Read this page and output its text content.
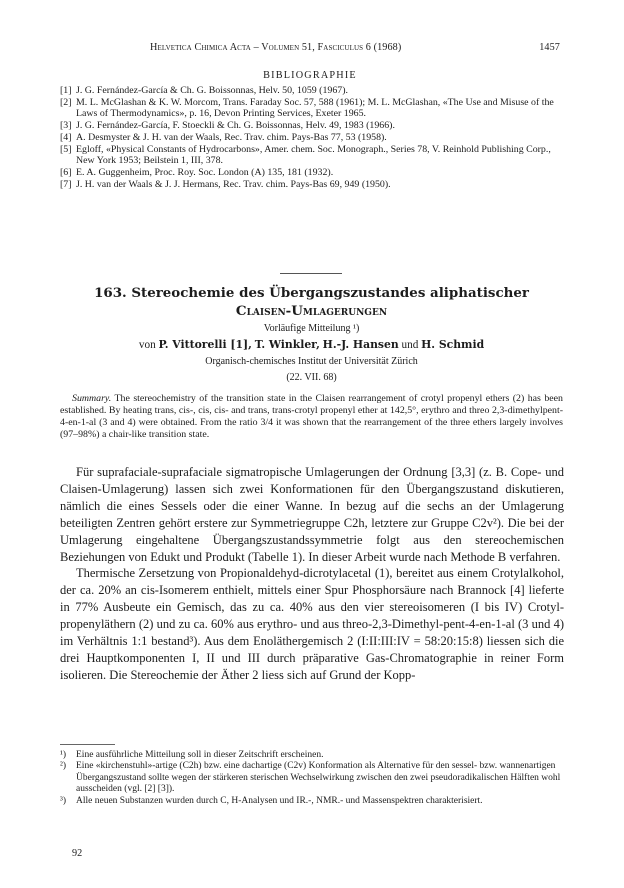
Helvetica Chimica Acta – Volumen 51, Fasciculus 6 (1968)	1457
BIBLIOGRAPHIE
[1] J. G. Fernández-García & Ch. G. Boissonnas, Helv. 50, 1059 (1967).
[2] M. L. McGlashan & K. W. Morcom, Trans. Faraday Soc. 57, 588 (1961); M. L. McGlashan, «The Use and Misuse of the Laws of Thermodynamics», p. 16, Devon Printing Services, Exeter 1965.
[3] J. G. Fernández-García, F. Stoeckli & Ch. G. Boissonnas, Helv. 49, 1983 (1966).
[4] A. Desmyster & J. H. van der Waals, Rec. Trav. chim. Pays-Bas 77, 53 (1958).
[5] Egloff, «Physical Constants of Hydrocarbons», Amer. chem. Soc. Monograph., Series 78, V. Reinhold Publishing Corp., New York 1953; Beilstein 1, III, 378.
[6] E. A. Guggenheim, Proc. Roy. Soc. London (A) 135, 181 (1932).
[7] J. H. van der Waals & J. J. Hermans, Rec. Trav. chim. Pays-Bas 69, 949 (1950).
163. Stereochemie des Übergangszustandes aliphatischer
Claisen-Umlagerungen
Vorläufige Mitteilung ¹)
von P. Vittorelli [1], T. Winkler, H.-J. Hansen und H. Schmid
Organisch-chemisches Institut der Universität Zürich
(22. VII. 68)

Summary. The stereochemistry of the transition state in the Claisen rearrangement of crotyl propenyl ethers (2) has been established. By heating trans, cis-, cis, cis- and trans, trans-crotyl propenyl ether at 142,5°, erythro and threo 2,3-dimethylpent-4-en-1-al (3 and 4) were obtained. From the ratio 3/4 it was shown that the rearrangement of the three ethers largely involves (97–98%) a chair-like transition state.

Für suprafaciale-suprafaciale sigmatropische Umlagerungen der Ordnung [3,3] (z. B. Cope- und Claisen-Umlagerung) lassen sich zwei Konformationen für den Übergangszustand diskutieren, nämlich die eines Sessels oder die einer Wanne. In bezug auf die sechs an der Umlagerung beteiligten Zentren gehört erstere zur Symmetriegruppe C2h, letztere zur Gruppe C2v²). Die bei der Umlagerung eingehaltene Übergangszustandssymmetrie folgt aus den stereochemischen Beziehungen von Edukt und Produkt (Tabelle 1). In dieser Arbeit wurde nach Methode B verfahren.

Thermische Zersetzung von Propionaldehyd-dicrotylacetal (1), bereitet aus einem Crotylalkohol, der ca. 20% an cis-Isomerem enthielt, mittels einer Spur Phosphorsäure nach Brannock [4] lieferte in 77% Ausbeute ein Gemisch, das zu ca. 40% aus den vier stereoisomeren (I bis IV) Crotyl-propenyläthern (2) und zu ca. 60% aus erythro- und aus threo-2,3-Dimethyl-pent-4-en-1-al (3 und 4) im Verhältnis 1:1 bestand³). Aus dem Enoläthergemisch 2 (I:II:III:IV = 58:20:15:8) liessen sich die drei Hauptkomponenten I, II und III durch präparative Gas-Chromatographie in reiner Form isolieren. Die Stereochemie der Äther 2 liess sich auf Grund der Kopp-

¹) Eine ausführliche Mitteilung soll in dieser Zeitschrift erscheinen.
²) Eine «kirchenstuhl»-artige (C2h) bzw. eine dachartige (C2v) Konformation als Alternative für den sessel- bzw. wannenartigen Übergangszustand sollte wegen der stärkeren sterischen Wechselwirkung zwischen den zwei pseudoradikalischen Hälften wohl ausscheiden (vgl. [2] [3]).
³) Alle neuen Substanzen wurden durch C, H-Analysen und IR.-, NMR.- und Massenspektren charakterisiert.
92
